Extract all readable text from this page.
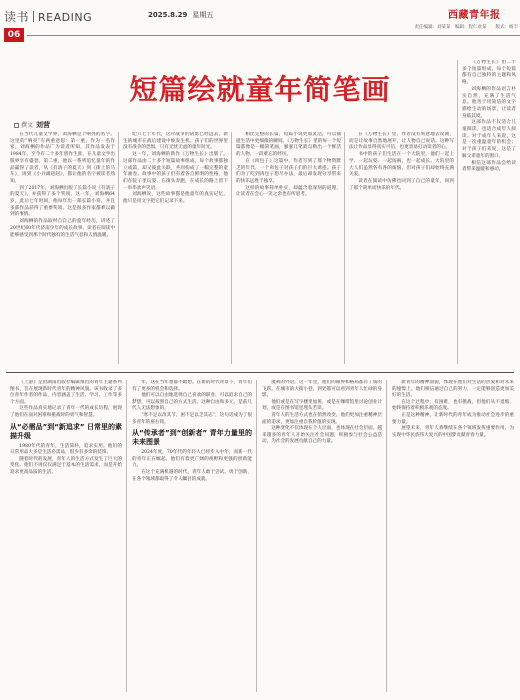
读书 READING
06
2025.8.29 星期五	西藏青年报
责任编辑：刘某某　编辑：程仁欢某　　版式：杨丰
短篇绘就童年简笔画
撰文 刘营

在当代儿童文学界，刘海栖是个响亮的名字。这里的“响亮”有两重意思：第一重，作为一名作家，刘海栖的作品广为读者所知，其作品发表于1984年，至今有二十多年创作生涯，在儿童文学出版界享有盛誉。第二重，他以一系列追忆童年的作品赢得了读者，从《有鸽子的夏天》到《街上的马车》，再到《小兵雄赳赳》，都让他的名字被读者熟知。

到了2017年，刘海栖出版了长篇小说《有鸽子的夏天》，并获得了多个奖项。这一年，刘海栖64岁。此后七年时间，他每年出一部长篇小说，并且多部作品获得了重要奖项。这是很多作家都难以做到的事情。

刘海栖的作品取材自自己的童年经历，讲述了20世纪60年代济南少年的成长故事。读者在阅读中能够感受到那个时代独有的生活气息和人情温暖。

纪六七十年代，这片战争的阴影已经远去，新生的城市在战后建设中焕发生机。孩子们的世界里没有战争的恐惧，只有无忧无虑的童年时光。

这一年，刘海栖的新作《万物生长》出版了。这部作品由二十多个短篇故事组成，每个故事都独立成篇，却又彼此关联，共同构成了一幅完整的童年画卷。故事中的孩子们有着各自鲜明的性格，他们在院子里玩耍、在街头奔跑，在成长的路上留下一串串欢声笑语。

刘海栖说，这些故事都是他童年的真实记忆，他只是用文字把它们记录下来。

相比完整的长篇，短篇小说更加灵活，可以捕捉生活中更细微的瞬间。《万物生长》里的每一个短篇都像是一幅简笔画，寥寥几笔就勾勒出一个鲜活的人物、一段难忘的经历。

在《肉包子》这篇中，作者写到了那个物资匮乏的年代，一个肉包子对孩子们的巨大诱惑。孩子们为了吃到肉包子想尽办法，最后却发现分享带来的快乐远胜于独享。

这样的故事简单朴实，却蕴含着深刻的道理，让读者在会心一笑之余也有所思考。

在《万物生长》里，作者没有刻意地去说教，而是让故事自然地展开，让人物自己说话。这种写法让作品显得真实可信，也更容易打动读者的心。

书中的孩子们生活在一个大院里，他们一起上学、一起玩耍、一起闯祸，也一起成长。大院里的大人们虽然各有各的烦恼，但对孩子们却始终充满关爱。

读者在阅读中仿佛也回到了自己的童年，回到了那个简单而快乐的年代。

《万物生长》由二十多个短篇组成，每个短篇都有自己独特的主题和风格。

刘海栖的作品语言朴实自然，充满了生活气息。他善于用简洁的文字描绘生动的场景，让读者身临其境。

这部作品不仅适合儿童阅读，也适合成年人阅读。对于成年人来说，这是一次重温童年的机会；对于孩子们来说，这是了解父辈童年的窗口。

相信这部作品会给读者带来温暖和感动。

《上游》是由湖南出版社编辑推出的青年主题系列图书，旨在展现新时代青年的精神风貌。该书收录了多位青年作者的作品，内容涵盖了生活、学习、工作等多个方面。

这些作品真实地记录了青年一代的成长历程，展现了他们在面对困难和挑战时的勇气和智慧。

从“必需品”到“新追求” 日常里的素描升级

1980年代的青年，生活简朴，追求实用。他们的日常用品大多是生活必需品，很少有多余的装饰。

随着时代的发展，青年人的生活方式发生了巨大的变化。他们不再仅仅满足于基本的生活需求，而是开始追求更高品质的生活。

年，这在当年想都不敢想。在新的时代背景下，青年们有了更多的机会和选择。

他们可以自由地选择自己喜欢的职业，可以追求自己的梦想，可以按照自己的方式生活。这种自由和多元，是前几代人无法想象的。

“寒不足以改其节，困不足以乏其志”，这句话成为了很多青年的座右铭。

从“传承者”到“创新者” 青年力量里的未来图景

2024年度，70年代的年轻人已经步入中年，而新一代的青年正在崛起。他们有着更广阔的视野和更强的创新能力。

在这个充满机遇的时代，青年人敢于尝试、勇于创新，在各个领域都取得了令人瞩目的成就。

流利的外语，这一年里，他们的眼界和格局都有了质的飞跃。在城市的大街小巷，到处都可以看到青年人忙碌的身影。

他们或是在写字楼里加班，或是在咖啡馆里讨论创业计划，或是在图书馆里埋头苦读。

青年人的生活方式也在悄然改变。他们更加注重精神层面的追求，更加注重自我价值的实现。

这种变化不仅体现在个人层面，也体现在社会层面。越来越多的青年人开始关注社会问题，积极参与社会公益活动，为社会的发展贡献自己的力量。

新青年的精神面貌，体现在他们对生活的热爱和对未来的憧憬上。他们相信通过自己的努力，一定能够创造更加美好的生活。

在这个过程中，有困难，也有挑战，但他们从不退缩，始终保持着积极乐观的态度。

正是这种精神，让新时代的青年成为推动社会进步的重要力量。

展望未来，青年人将继续在各个领域发挥重要作用，为实现中华民族伟大复兴的中国梦贡献青春力量。
